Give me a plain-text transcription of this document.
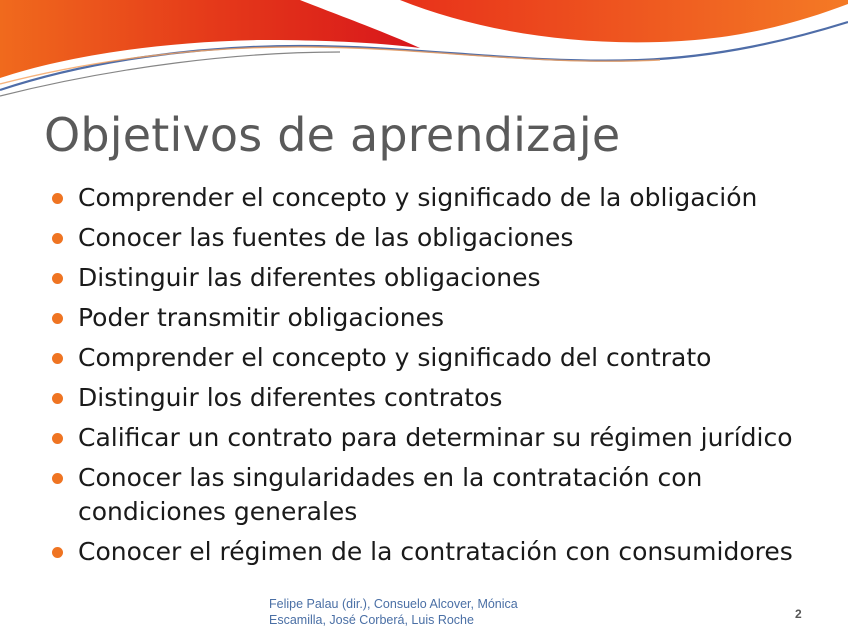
Objetivos de aprendizaje
Comprender el concepto y significado de la obligación
Conocer las fuentes de las obligaciones
Distinguir las diferentes obligaciones
Poder transmitir obligaciones
Comprender el concepto y significado del contrato
Distinguir los diferentes contratos
Calificar un contrato para determinar su régimen jurídico
Conocer las singularidades en la contratación con condiciones generales
Conocer el régimen de la contratación con consumidores
Felipe Palau (dir.), Consuelo Alcover, Mónica Escamilla, José Corberá, Luis Roche	2
